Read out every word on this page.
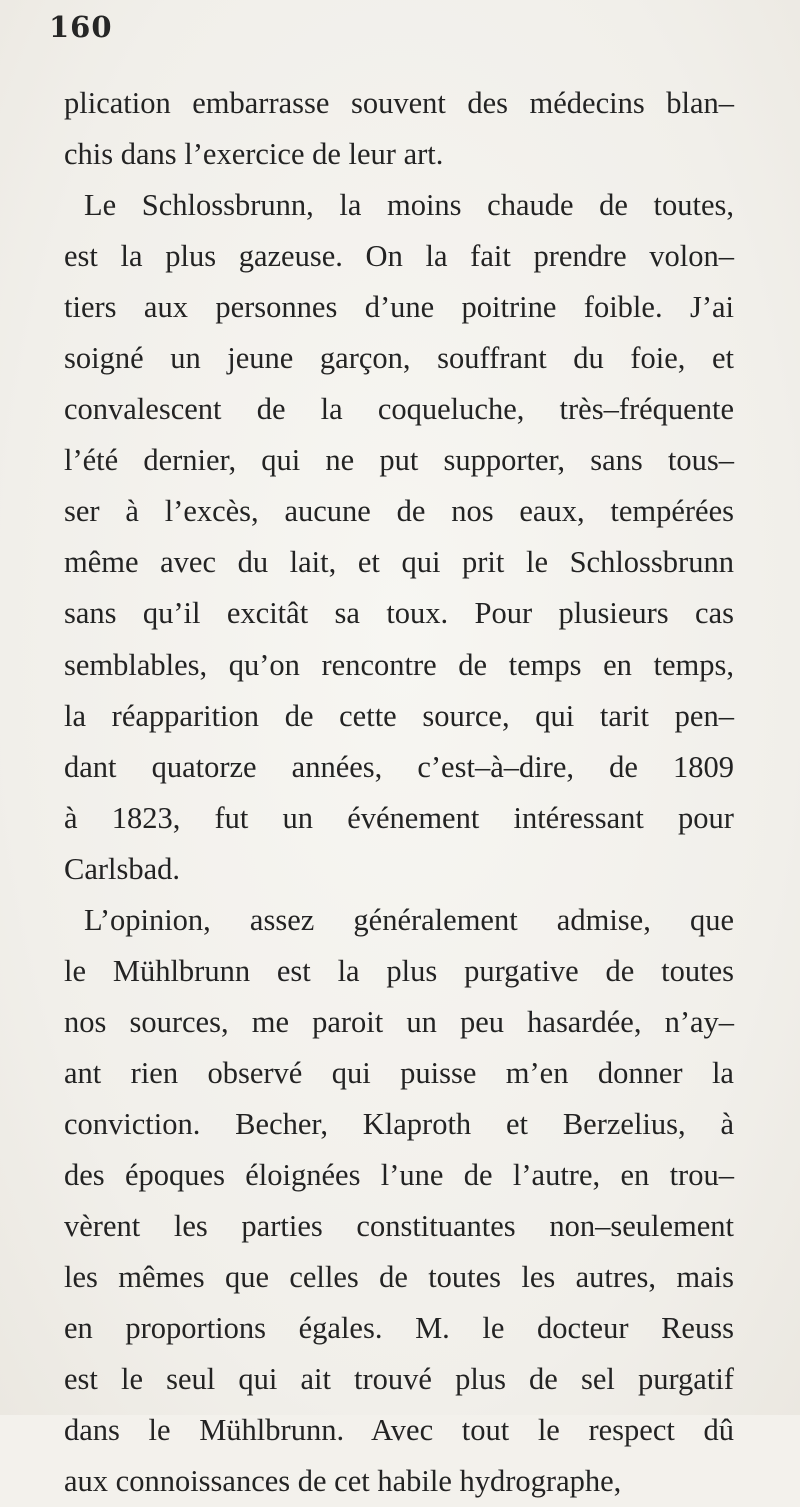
160
plication embarrasse souvent des médecins blan–
chis dans l’exercice de leur art.
Le Schlossbrunn, la moins chaude de toutes,
est la plus gazeuse. On la fait prendre volon–
tiers aux personnes d’une poitrine foible. J’ai
soigné un jeune garçon, souffrant du foie, et
convalescent de la coqueluche, très–fréquente
l’été dernier, qui ne put supporter, sans tous–
ser à l’excès, aucune de nos eaux, tempérées
même avec du lait, et qui prit le Schlossbrunn
sans qu’il excitât sa toux. Pour plusieurs cas
semblables, qu’on rencontre de temps en temps,
la réapparition de cette source, qui tarit pen–
dant quatorze années, c’est–à–dire, de 1809
à 1823, fut un événement intéressant pour
Carlsbad.
L’opinion, assez généralement admise, que
le Mühlbrunn est la plus purgative de toutes
nos sources, me paroit un peu hasardée, n’ay–
ant rien observé qui puisse m’en donner la
conviction. Becher, Klaproth et Berzelius, à
des époques éloignées l’une de l’autre, en trou–
vèrent les parties constituantes non–seulement
les mêmes que celles de toutes les autres, mais
en proportions égales. M. le docteur Reuss
est le seul qui ait trouvé plus de sel purgatif
dans le Mühlbrunn. Avec tout le respect dû
aux connoissances de cet habile hydrographe,
